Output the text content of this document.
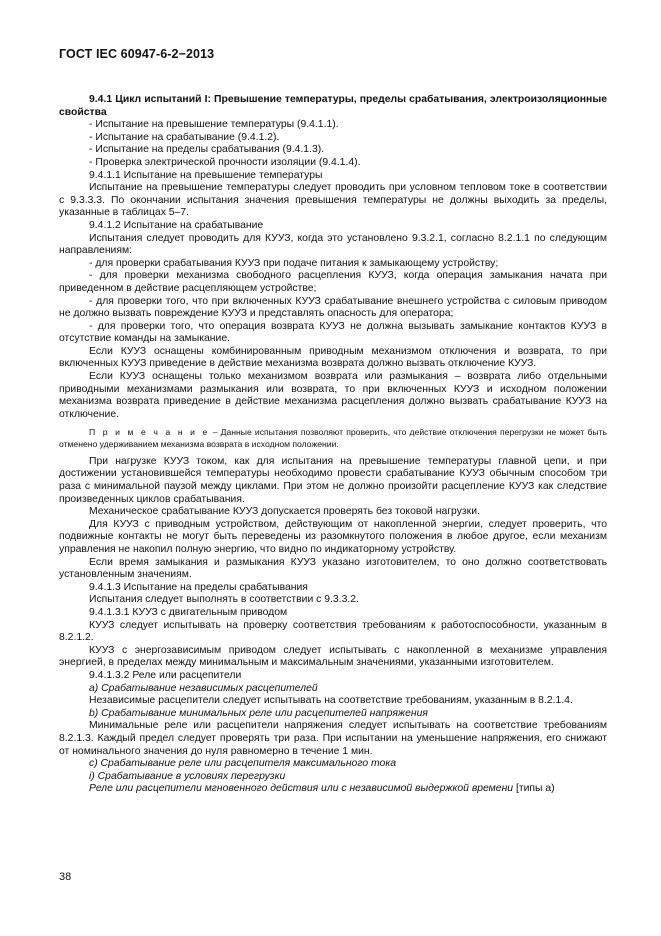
ГОСТ IEC 60947-6-2−2013

9.4.1 Цикл испытаний I: Превышение температуры, пределы срабатывания, электроизоляционные свойства

- Испытание на превышение температуры (9.4.1.1).

- Испытание на срабатывание (9.4.1.2).

- Испытание на пределы срабатывания (9.4.1.3).

- Проверка электрической прочности изоляции (9.4.1.4).

9.4.1.1 Испытание на превышение температуры

Испытание на превышение температуры следует проводить при условном тепловом токе в соответствии с 9.3.3.3. По окончании испытания значения превышения температуры не должны выходить за пределы, указанные в таблицах 5–7.

9.4.1.2 Испытание на срабатывание

Испытания следует проводить для КУУЗ, когда это установлено 9.3.2.1, согласно 8.2.1.1 по следующим направлениям:

- для проверки срабатывания КУУЗ при подаче питания к замыкающему устройству;

- для проверки механизма свободного расцепления КУУЗ, когда операция замыкания начата при приведенном в действие расцепляющем устройстве;

- для проверки того, что при включенных КУУЗ срабатывание внешнего устройства с силовым приводом не должно вызвать повреждение КУУЗ и представлять опасность для оператора;

- для проверки того, что операция возврата КУУЗ не должна вызывать замыкание контактов КУУЗ в отсутствие команды на замыкание.

Если КУУЗ оснащены комбинированным приводным механизмом отключения и возврата, то при включенных КУУЗ приведение в действие механизма возврата должно вызвать отключение КУУЗ.

Если КУУЗ оснащены только механизмом возврата или размыкания – возврата либо отдельными приводными механизмами размыкания или возврата, то при включенных КУУЗ и исходном положении механизма возврата приведение в действие механизма расцепления должно вызвать срабатывание КУУЗ на отключение.

П р и м е ч а н и е – Данные испытания позволяют проверить, что действие отключения перегрузки не может быть отменено удерживанием механизма возврата в исходном положении.

При нагрузке КУУЗ током, как для испытания на превышение температуры главной цепи, и при достижении установившейся температуры необходимо провести срабатывание КУУЗ обычным способом три раза с минимальной паузой между циклами. При этом не должно произойти расцепление КУУЗ как следствие произведенных циклов срабатывания.

Механическое срабатывание КУУЗ допускается проверять без токовой нагрузки.

Для КУУЗ с приводным устройством, действующим от накопленной энергии, следует проверить, что подвижные контакты не могут быть переведены из разомкнутого положения в любое другое, если механизм управления не накопил полную энергию, что видно по индикаторному устройству.

Если время замыкания и размыкания КУУЗ указано изготовителем, то оно должно соответствовать установленным значениям.

9.4.1.3 Испытание на пределы срабатывания

Испытания следует выполнять в соответствии с 9.3.3.2.

9.4.1.3.1 КУУЗ с двигательным приводом

КУУЗ следует испытывать на проверку соответствия требованиям к работоспособности, указанным в 8.2.1.2.

КУУЗ с энергозависимым приводом следует испытывать с накопленной в механизме управления энергией, в пределах между минимальным и максимальным значениями, указанными изготовителем.

9.4.1.3.2 Реле или расцепители

a) Срабатывание независимых расцепителей

Независимые расцепители следует испытывать на соответствие требованиям, указанным в 8.2.1.4.

b) Срабатывание минимальных реле или расцепителей напряжения

Минимальные реле или расцепители напряжения следует испытывать на соответствие требованиям 8.2.1.3. Каждый предел следует проверять три раза. При испытании на уменьшение напряжения, его снижают от номинального значения до нуля равномерно в течение 1 мин.

c) Срабатывание реле или расцепителя максимального тока

i) Срабатывание в условиях перегрузки

Реле или расцепители мгновенного действия или с независимой выдержкой времени [типы а)

38
